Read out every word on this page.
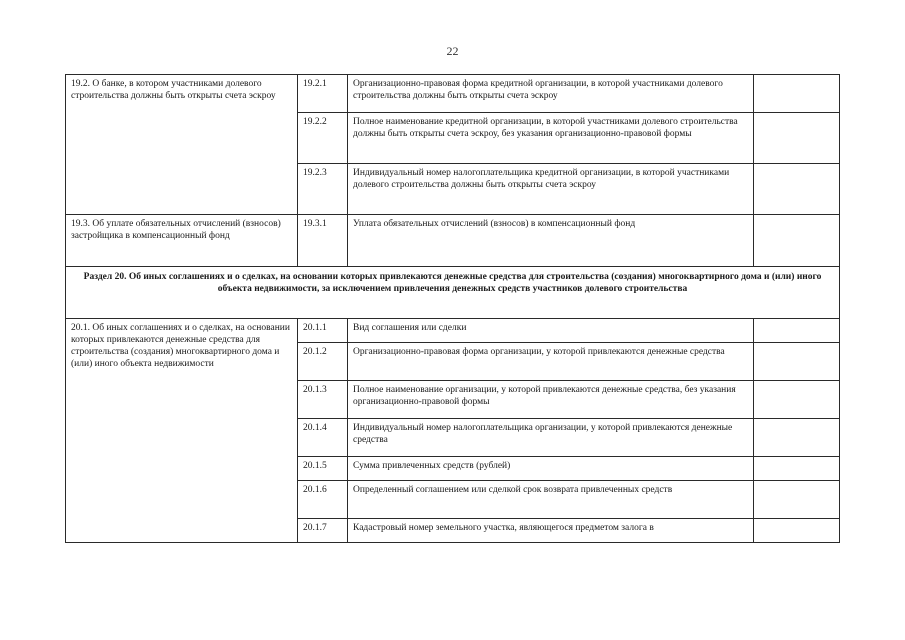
22
19.2. О банке, в котором участниками долевого строительства должны быть открыты счета эскроу	19.2.1	Организационно-правовая форма кредитной организации, в которой участниками долевого строительства должны быть открыты счета эскроу	
	19.2.2	Полное наименование кредитной организации, в которой участниками долевого строительства должны быть открыты счета эскроу, без указания организационно-правовой формы	
	19.2.3	Индивидуальный номер налогоплательщика кредитной организации, в которой участниками долевого строительства должны быть открыты счета эскроу	
19.3. Об уплате обязательных отчислений (взносов) застройщика в компенсационный фонд	19.3.1	Уплата обязательных отчислений (взносов) в компенсационный фонд	
Раздел 20. Об иных соглашениях и о сделках, на основании которых привлекаются денежные средства для строительства (создания) многоквартирного дома и (или) иного объекта недвижимости, за исключением привлечения денежных средств участников долевого строительства			
20.1. Об иных соглашениях и о сделках, на основании которых привлекаются денежные средства для строительства (создания) многоквартирного дома и (или) иного объекта недвижимости	20.1.1	Вид соглашения или сделки	
	20.1.2	Организационно-правовая форма организации, у которой привлекаются денежные средства	
	20.1.3	Полное наименование организации, у которой привлекаются денежные средства, без указания организационно-правовой формы	
	20.1.4	Индивидуальный номер налогоплательщика организации, у которой привлекаются денежные средства	
	20.1.5	Сумма привлеченных средств (рублей)	
	20.1.6	Определенный соглашением или сделкой срок возврата привлеченных средств	
	20.1.7	Кадастровый номер земельного участка, являющегося предметом залога в	
